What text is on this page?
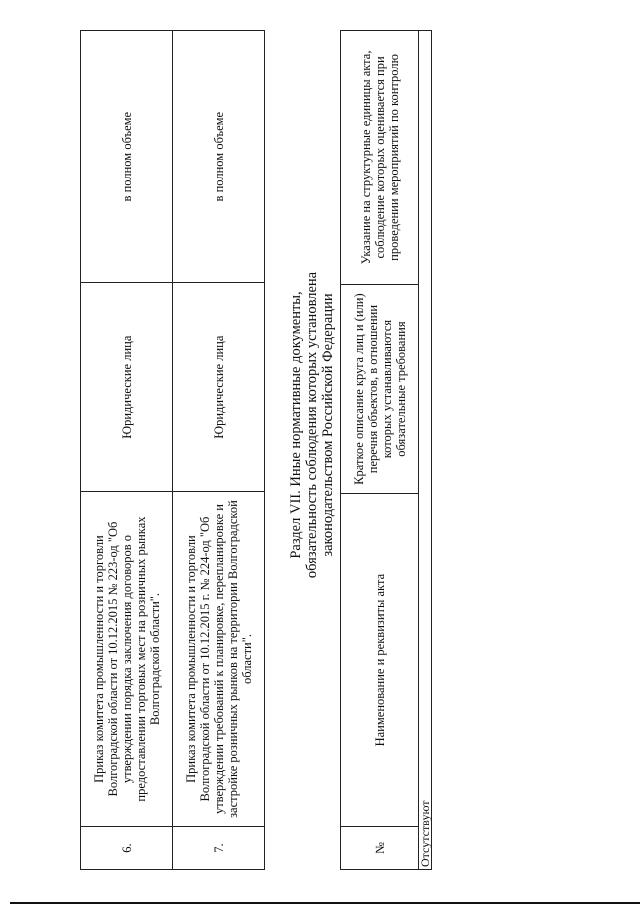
6.	Приказ комитета промышленности и торговли Волгоградской области от 10.12.2015 № 223-од "Об утверждении порядка заключения договоров о предоставлении торговых мест на розничных рынках Волгоградской области".	Юридические лица	в полном объеме
7.	Приказ комитета промышленности и торговли Волгоградской области от 10.12.2015 г. № 224-од "Об утверждении требований к планировке, перепланировке и застройке розничных рынков на территории Волгоградской области".	Юридические лица	в полном объеме
Раздел VII. Иные нормативные документы, обязательность соблюдения которых установлена законодательством Российской Федерации
№	Наименование и реквизиты акта	Краткое описание круга лиц и (или) перечня объектов, в отношении которых устанавливаются обязательные требования	Указание на структурные единицы акта, соблюдение которых оценивается при проведении мероприятий по контролю
Отсутствуют
